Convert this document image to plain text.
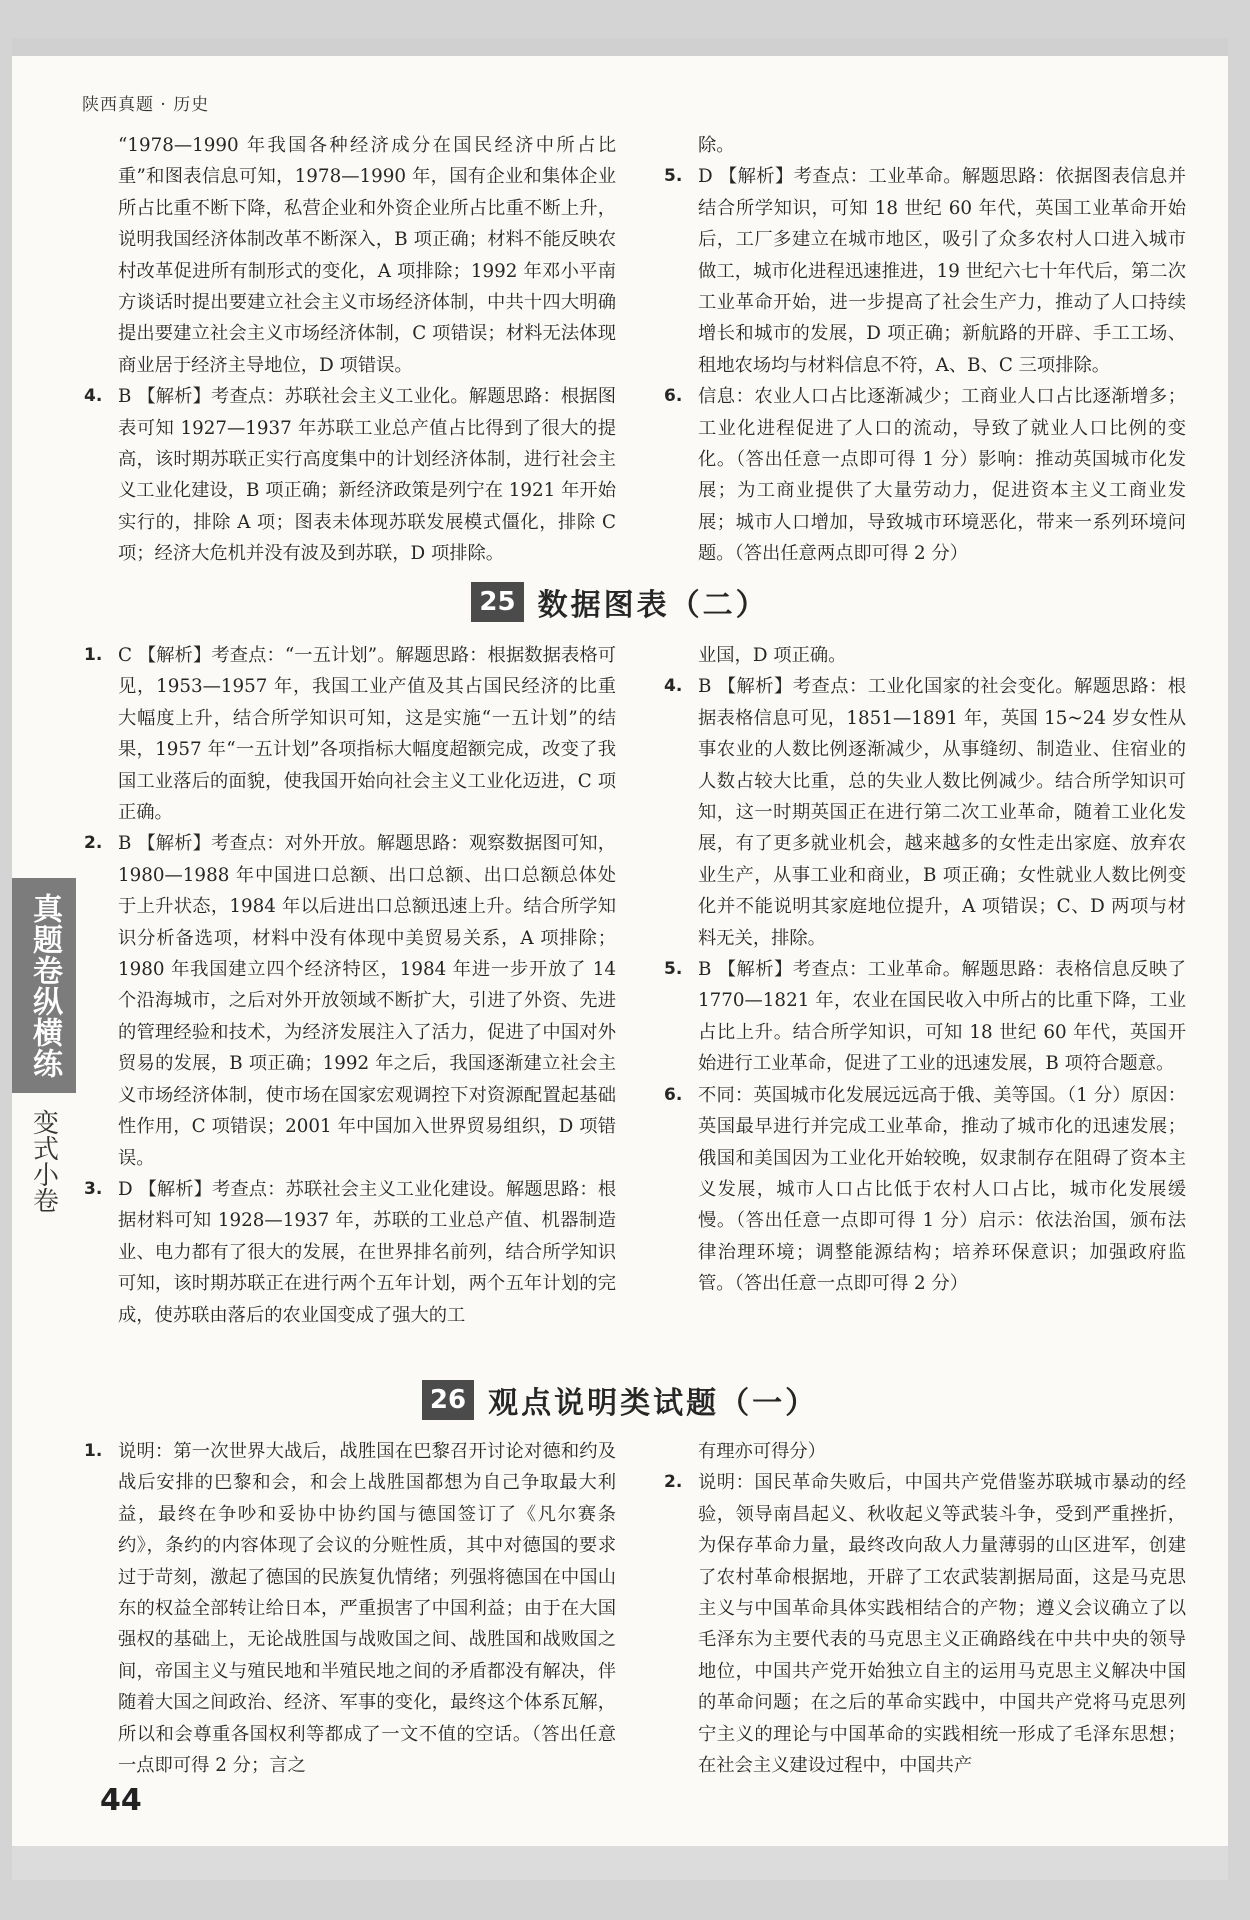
陕西真题 · 历史
真题卷纵横练
变式小卷
“1978—1990 年我国各种经济成分在国民经济中所占比重”和图表信息可知，1978—1990 年，国有企业和集体企业所占比重不断下降，私营企业和外资企业所占比重不断上升，说明我国经济体制改革不断深入，B 项正确；材料不能反映农村改革促进所有制形式的变化，A 项排除；1992 年邓小平南方谈话时提出要建立社会主义市场经济体制，中共十四大明确提出要建立社会主义市场经济体制，C 项错误；材料无法体现商业居于经济主导地位，D 项错误。
4. B 【解析】考查点：苏联社会主义工业化。解题思路：根据图表可知 1927—1937 年苏联工业总产值占比得到了很大的提高，该时期苏联正实行高度集中的计划经济体制，进行社会主义工业化建设，B 项正确；新经济政策是列宁在 1921 年开始实行的，排除 A 项；图表未体现苏联发展模式僵化，排除 C 项；经济大危机并没有波及到苏联，D 项排除。
除。
5. D 【解析】考查点：工业革命。解题思路：依据图表信息并结合所学知识，可知 18 世纪 60 年代，英国工业革命开始后，工厂多建立在城市地区，吸引了众多农村人口进入城市做工，城市化进程迅速推进，19 世纪六七十年代后，第二次工业革命开始，进一步提高了社会生产力，推动了人口持续增长和城市的发展，D 项正确；新航路的开辟、手工工场、租地农场均与材料信息不符，A、B、C 三项排除。
6. 信息：农业人口占比逐渐减少；工商业人口占比逐渐增多；工业化进程促进了人口的流动，导致了就业人口比例的变化。（答出任意一点即可得 1 分）影响：推动英国城市化发展；为工商业提供了大量劳动力，促进资本主义工商业发展；城市人口增加，导致城市环境恶化，带来一系列环境问题。（答出任意两点即可得 2 分）
25 数据图表（二）
1. C 【解析】考查点：“一五计划”。解题思路：根据数据表格可见，1953—1957 年，我国工业产值及其占国民经济的比重大幅度上升，结合所学知识可知，这是实施“一五计划”的结果，1957 年“一五计划”各项指标大幅度超额完成，改变了我国工业落后的面貌，使我国开始向社会主义工业化迈进，C 项正确。
2. B 【解析】考查点：对外开放。解题思路：观察数据图可知，1980—1988 年中国进口总额、出口总额、出口总额总体处于上升状态，1984 年以后进出口总额迅速上升。结合所学知识分析备选项，材料中没有体现中美贸易关系，A 项排除；1980 年我国建立四个经济特区，1984 年进一步开放了 14 个沿海城市，之后对外开放领域不断扩大，引进了外资、先进的管理经验和技术，为经济发展注入了活力，促进了中国对外贸易的发展，B 项正确；1992 年之后，我国逐渐建立社会主义市场经济体制，使市场在国家宏观调控下对资源配置起基础性作用，C 项错误；2001 年中国加入世界贸易组织，D 项错误。
3. D 【解析】考查点：苏联社会主义工业化建设。解题思路：根据材料可知 1928—1937 年，苏联的工业总产值、机器制造业、电力都有了很大的发展，在世界排名前列，结合所学知识可知，该时期苏联正在进行两个五年计划，两个五年计划的完成，使苏联由落后的农业国变成了强大的工
业国，D 项正确。
4. B 【解析】考查点：工业化国家的社会变化。解题思路：根据表格信息可见，1851—1891 年，英国 15~24 岁女性从事农业的人数比例逐渐减少，从事缝纫、制造业、住宿业的人数占较大比重，总的失业人数比例减少。结合所学知识可知，这一时期英国正在进行第二次工业革命，随着工业化发展，有了更多就业机会，越来越多的女性走出家庭、放弃农业生产，从事工业和商业，B 项正确；女性就业人数比例变化并不能说明其家庭地位提升，A 项错误；C、D 两项与材料无关，排除。
5. B 【解析】考查点：工业革命。解题思路：表格信息反映了 1770—1821 年，农业在国民收入中所占的比重下降，工业占比上升。结合所学知识，可知 18 世纪 60 年代，英国开始进行工业革命，促进了工业的迅速发展，B 项符合题意。
6. 不同：英国城市化发展远远高于俄、美等国。（1 分）原因：英国最早进行并完成工业革命，推动了城市化的迅速发展；俄国和美国因为工业化开始较晚，奴隶制存在阻碍了资本主义发展，城市人口占比低于农村人口占比，城市化发展缓慢。（答出任意一点即可得 1 分）启示：依法治国，颁布法律治理环境；调整能源结构；培养环保意识；加强政府监管。（答出任意一点即可得 2 分）
26 观点说明类试题（一）
1. 说明：第一次世界大战后，战胜国在巴黎召开讨论对德和约及战后安排的巴黎和会，和会上战胜国都想为自己争取最大利益，最终在争吵和妥协中协约国与德国签订了《凡尔赛条约》，条约的内容体现了会议的分赃性质，其中对德国的要求过于苛刻，激起了德国的民族复仇情绪；列强将德国在中国山东的权益全部转让给日本，严重损害了中国利益；由于在大国强权的基础上，无论战胜国与战败国之间、战胜国和战败国之间，帝国主义与殖民地和半殖民地之间的矛盾都没有解决，伴随着大国之间政治、经济、军事的变化，最终这个体系瓦解，所以和会尊重各国权利等都成了一文不值的空话。（答出任意一点即可得 2 分；言之
有理亦可得分）
2. 说明：国民革命失败后，中国共产党借鉴苏联城市暴动的经验，领导南昌起义、秋收起义等武装斗争，受到严重挫折，为保存革命力量，最终改向敌人力量薄弱的山区进军，创建了农村革命根据地，开辟了工农武装割据局面，这是马克思主义与中国革命具体实践相结合的产物；遵义会议确立了以毛泽东为主要代表的马克思主义正确路线在中共中央的领导地位，中国共产党开始独立自主的运用马克思主义解决中国的革命问题；在之后的革命实践中，中国共产党将马克思列宁主义的理论与中国革命的实践相统一形成了毛泽东思想；在社会主义建设过程中，中国共产
44
